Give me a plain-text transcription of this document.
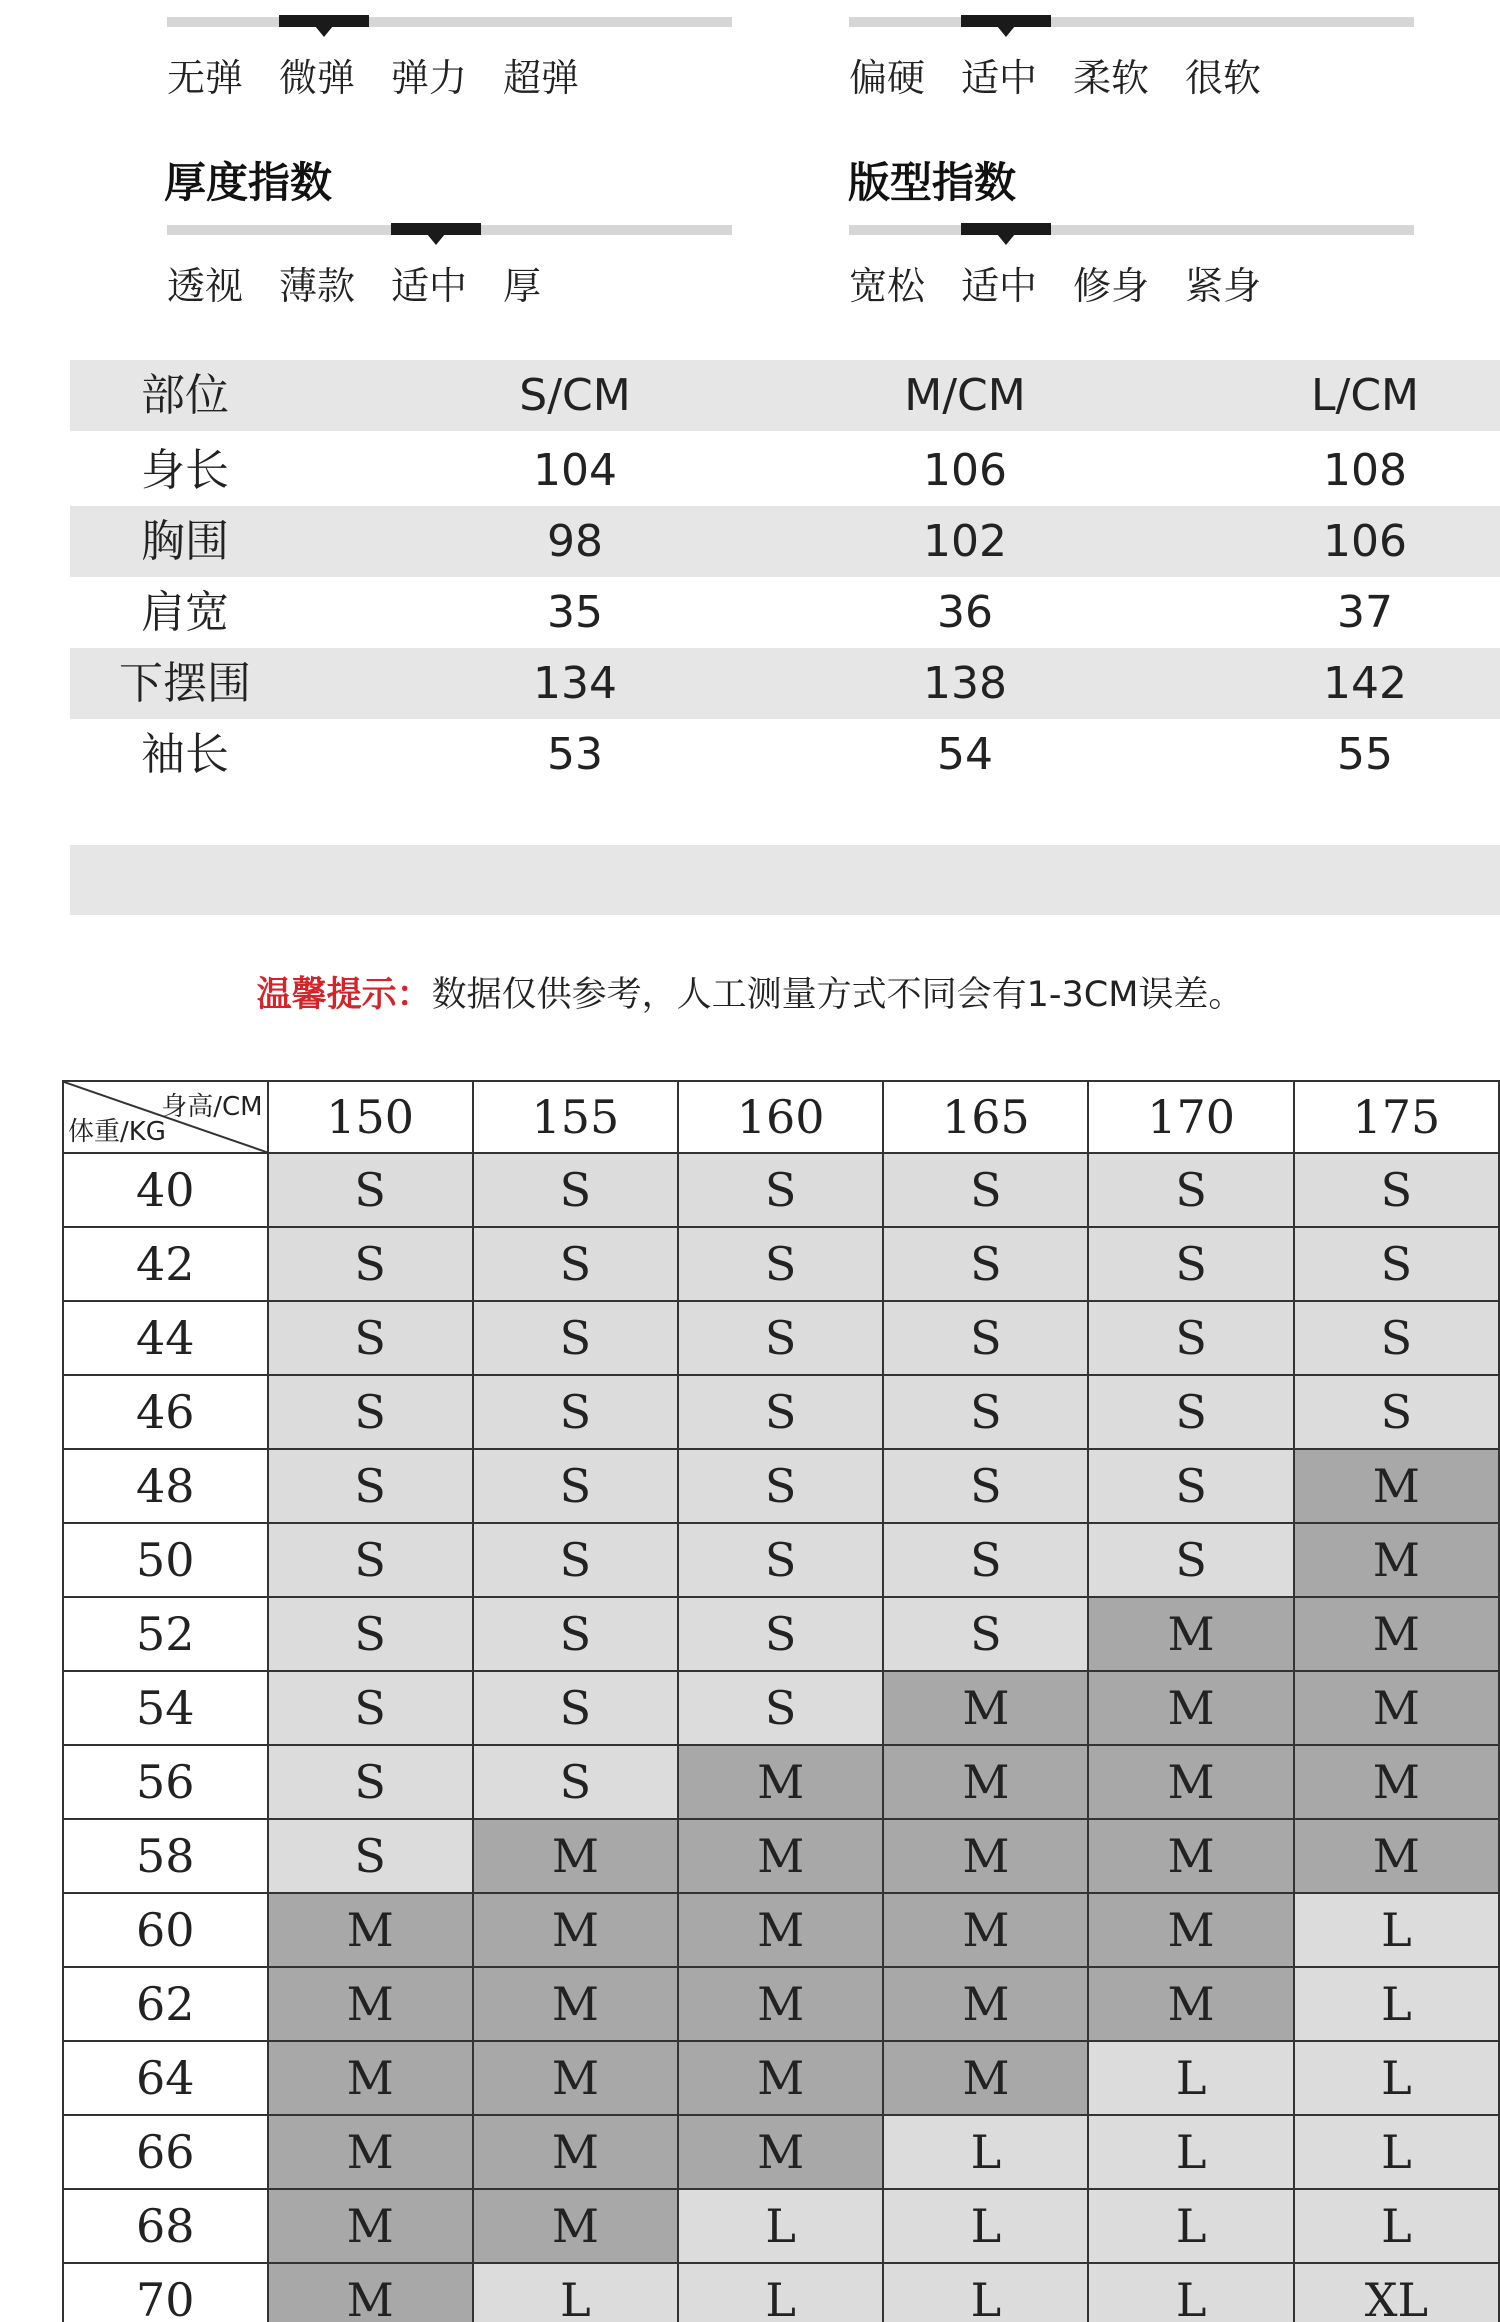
无弹 微弹 弹力 超弹	偏硬 适中 柔软 很软
厚度指数	版型指数
透视 薄款 适中 厚	宽松 适中 修身 紧身
部位	S/CM	M/CM	L/CM
身长	104	106	108
胸围	98	102	106
肩宽	35	36	37
下摆围	134	138	142
袖长	53	54	55
温馨提示：数据仅供参考，人工测量方式不同会有1-3CM误差。
身高/CM
体重/KG	150	155	160	165	170	175
40	S	S	S	S	S	S
42	S	S	S	S	S	S
44	S	S	S	S	S	S
46	S	S	S	S	S	S
48	S	S	S	S	S	M
50	S	S	S	S	S	M
52	S	S	S	S	M	M
54	S	S	S	M	M	M
56	S	S	M	M	M	M
58	S	M	M	M	M	M
60	M	M	M	M	M	L
62	M	M	M	M	M	L
64	M	M	M	M	L	L
66	M	M	M	L	L	L
68	M	M	L	L	L	L
70	M	L	L	L	L	XL
